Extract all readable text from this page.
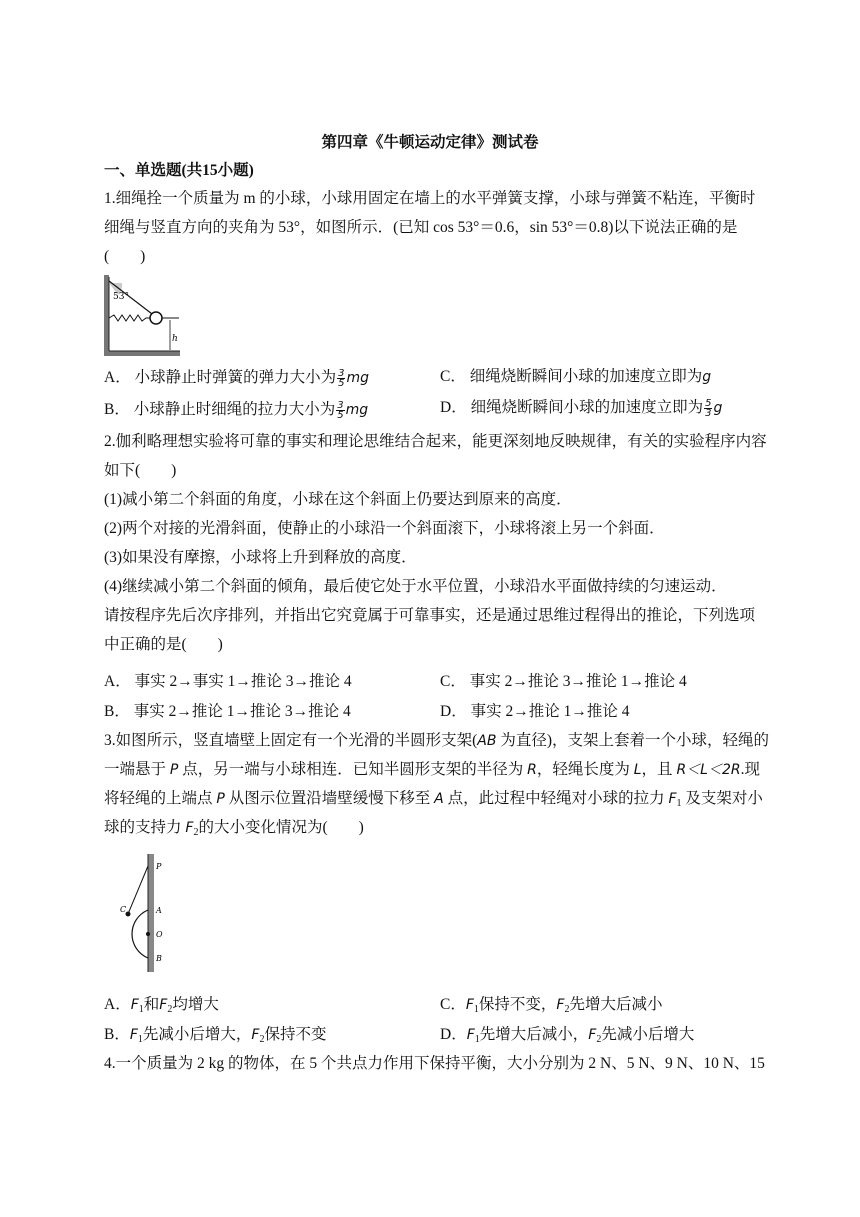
第四章《牛顿运动定律》测试卷
一、单选题(共15小题)
1.细绳拴一个质量为 m 的小球，小球用固定在墙上的水平弹簧支撑，小球与弹簧不粘连，平衡时
细绳与竖直方向的夹角为 53°，如图所示．(已知 cos 53°＝0.6，sin 53°＝0.8)以下说法正确的是
(　　)
h
53°
A． 小球静止时弹簧的弹力大小为 $\frac{3}{5}$ mg	C． 细绳烧断瞬间小球的加速度立即为g
B． 小球静止时细绳的拉力大小为 $\frac{3}{5}$ mg	D． 细绳烧断瞬间小球的加速度立即为 $\frac{5}{3}$ g
2.伽利略理想实验将可靠的事实和理论思维结合起来，能更深刻地反映规律，有关的实验程序内容
如下(　　)
(1)减小第二个斜面的角度，小球在这个斜面上仍要达到原来的高度．
(2)两个对接的光滑斜面，使静止的小球沿一个斜面滚下，小球将滚上另一个斜面．
(3)如果没有摩擦，小球将上升到释放的高度．
(4)继续减小第二个斜面的倾角，最后使它处于水平位置，小球沿水平面做持续的匀速运动．
请按程序先后次序排列，并指出它究竟属于可靠事实，还是通过思维过程得出的推论，下列选项
中正确的是(　　)
A． 事实 2→事实 1→推论 3→推论 4	C． 事实 2→推论 3→推论 1→推论 4
B． 事实 2→推论 1→推论 3→推论 4	D． 事实 2→推论 1→推论 4
3.如图所示，竖直墙壁上固定有一个光滑的半圆形支架(AB 为直径)，支架上套着一个小球，轻绳的
一端悬于 P 点，另一端与小球相连．已知半圆形支架的半径为 R，轻绳长度为 L，且 R＜L＜2R.现
将轻绳的上端点 P 从图示位置沿墙壁缓慢下移至 A 点，此过程中轻绳对小球的拉力 $F_1$ 及支架对小
球的支持力 $F_2$的大小变化情况为(　　)
P
A
O
B
C
A．$F_1$和$F_2$均增大	C．$F_1$保持不变，$F_2$先增大后减小
B．$F_1$先减小后增大，$F_2$保持不变	D．$F_1$先增大后减小，$F_2$先减小后增大
4.一个质量为 2 kg 的物体，在 5 个共点力作用下保持平衡，大小分别为 2 N、5 N、9 N、10 N、15
